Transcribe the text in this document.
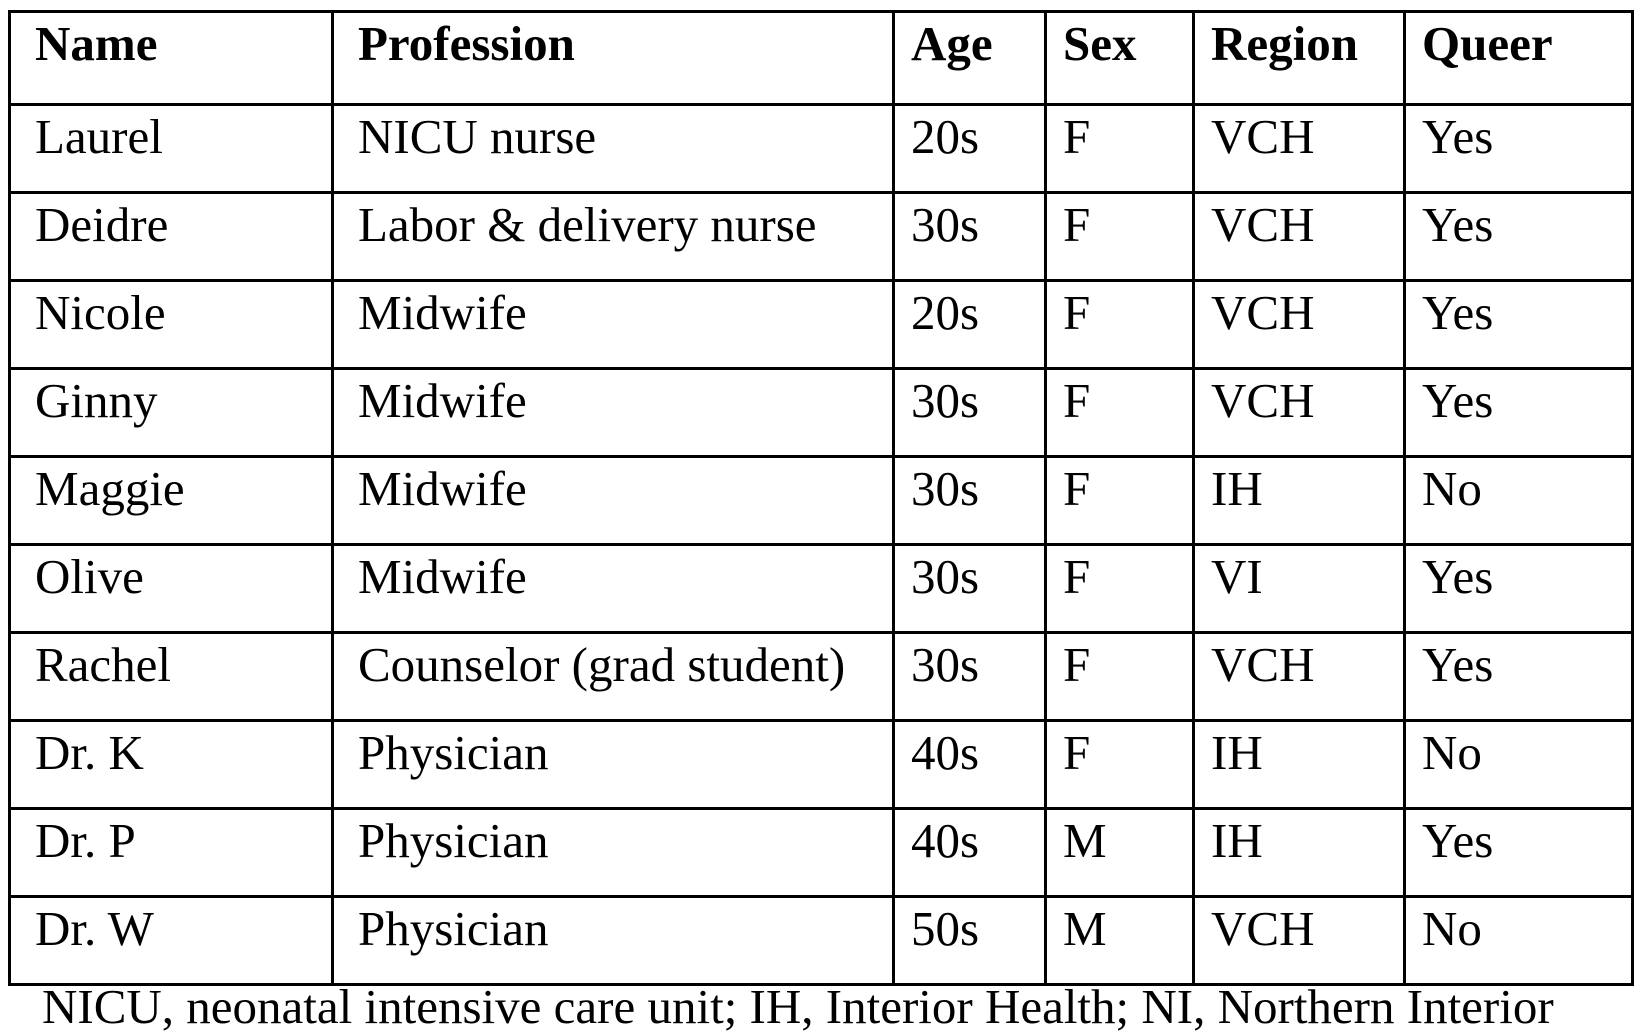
Name	Profession	Age	Sex	Region	Queer
Laurel	NICU nurse	20s	F	VCH	Yes
Deidre	Labor & delivery nurse	30s	F	VCH	Yes
Nicole	Midwife	20s	F	VCH	Yes
Ginny	Midwife	30s	F	VCH	Yes
Maggie	Midwife	30s	F	IH	No
Olive	Midwife	30s	F	VI	Yes
Rachel	Counselor (grad student)	30s	F	VCH	Yes
Dr. K	Physician	40s	F	IH	No
Dr. P	Physician	40s	M	IH	Yes
Dr. W	Physician	50s	M	VCH	No
NICU, neonatal intensive care unit; IH, Interior Health; NI, Northern Interior
